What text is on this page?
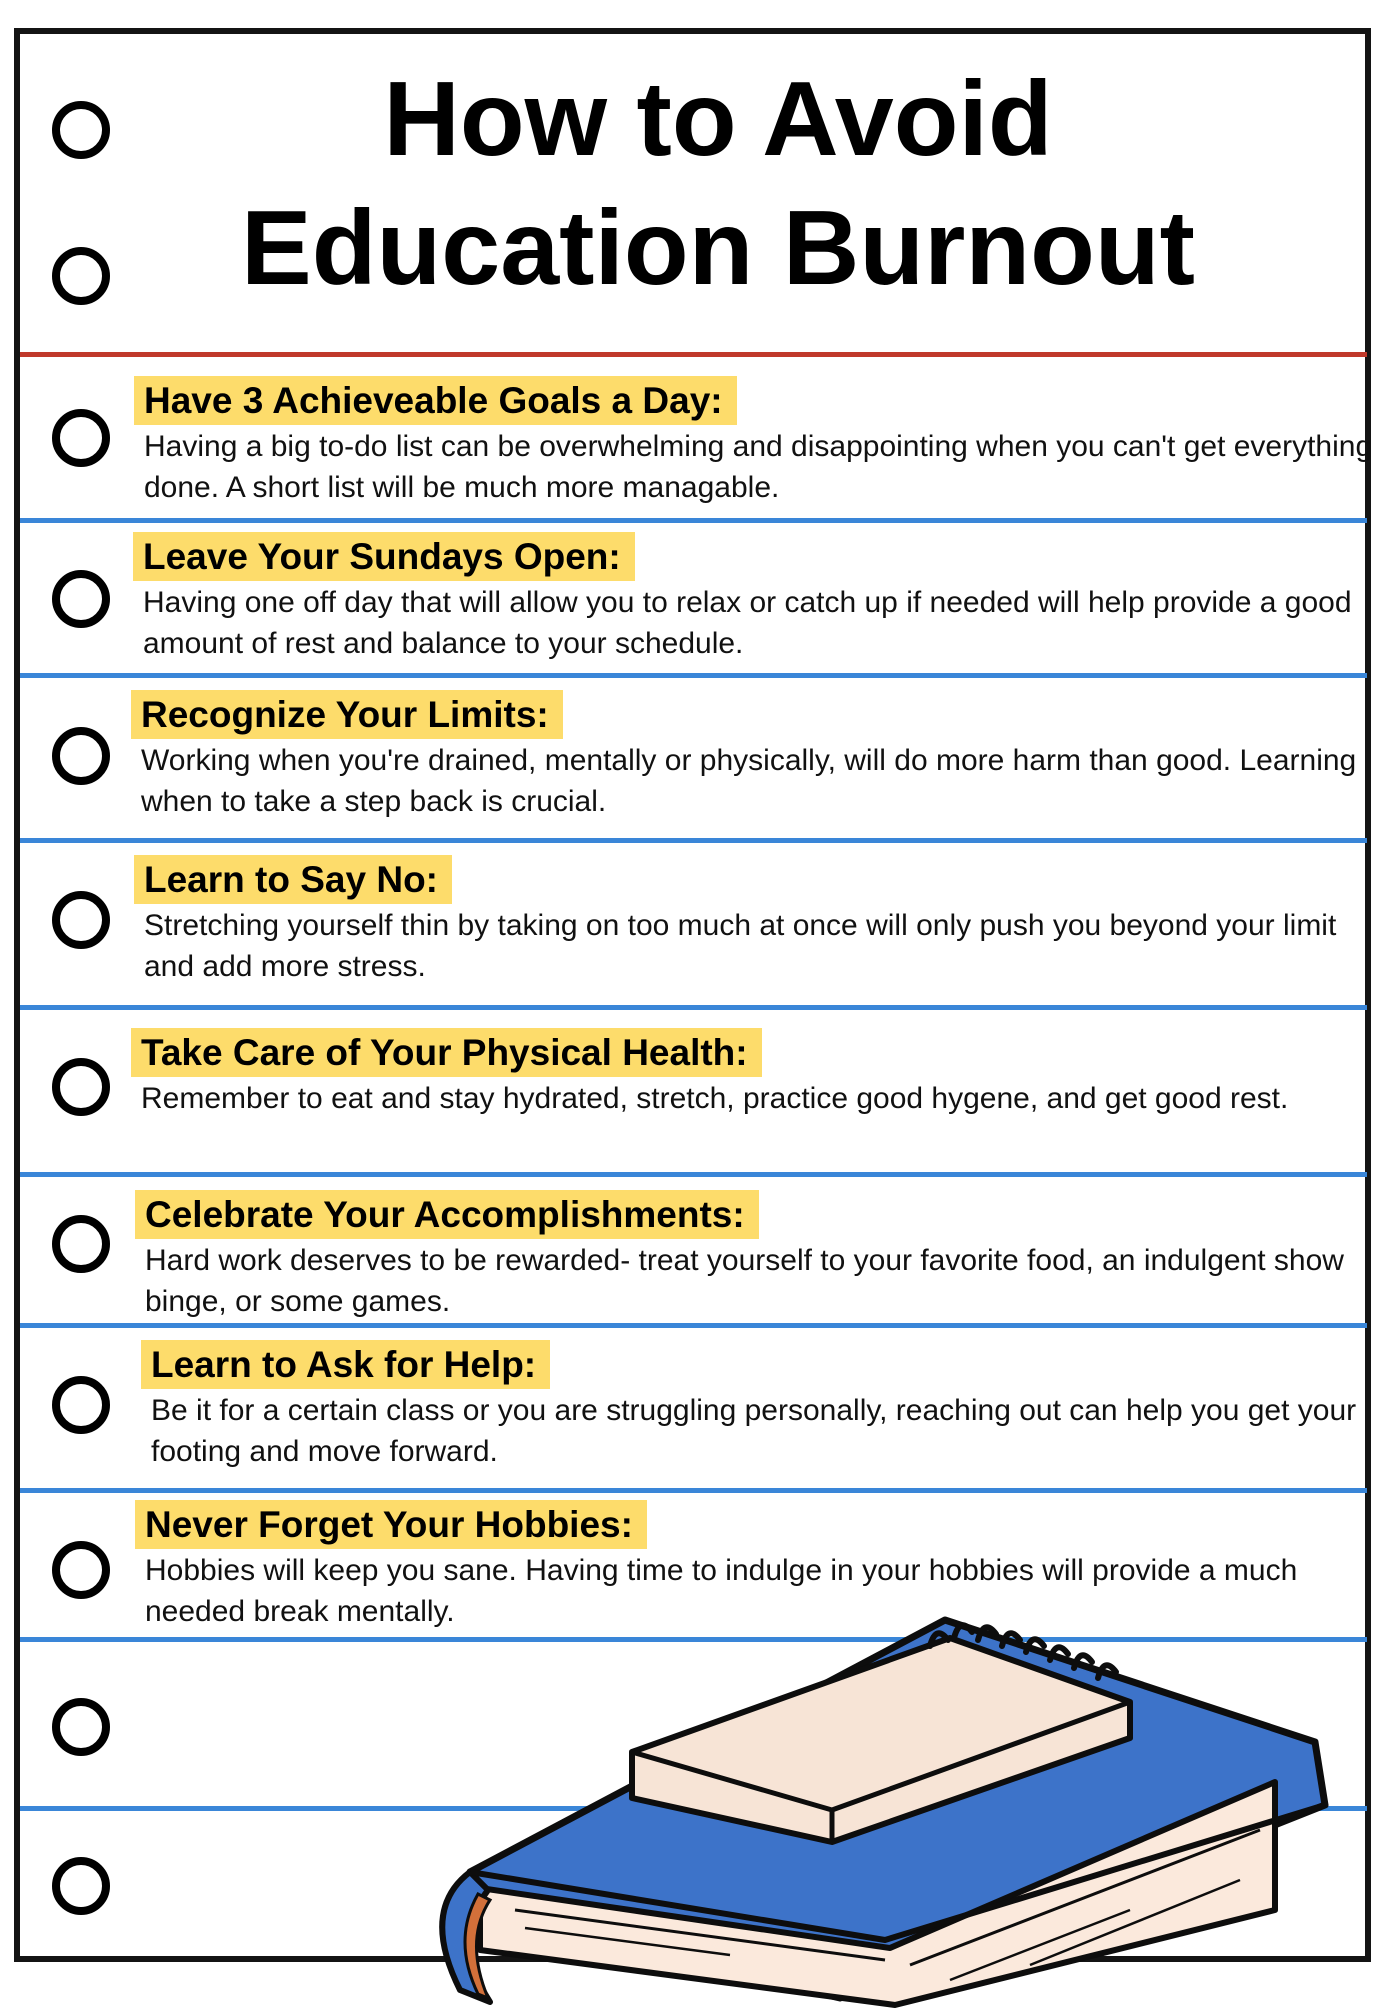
How to Avoid
Education Burnout
Have 3 Achieveable Goals a Day:
Having a big to-do list can be overwhelming and disappointing when you can't get everything done. A short list will be much more managable.
Leave Your Sundays Open:
Having one off day that will allow you to relax or catch up if needed will help provide a good amount of rest and balance to your schedule.
Recognize Your Limits:
Working when you're drained, mentally or physically, will do more harm than good. Learning when to take a step back is crucial.
Learn to Say No:
Stretching yourself thin by taking on too much at once will only push you beyond your limit and add more stress.
Take Care of Your Physical Health:
Remember to eat and stay hydrated, stretch, practice good hygene, and get good rest.
Celebrate Your Accomplishments:
Hard work deserves to be rewarded- treat yourself to your favorite food, an indulgent show binge, or some games.
Learn to Ask for Help:
Be it for a certain class or you are struggling personally, reaching out can help you get your footing and move forward.
Never Forget Your Hobbies:
Hobbies will keep you sane. Having time to indulge in your hobbies will provide a much needed break mentally.
